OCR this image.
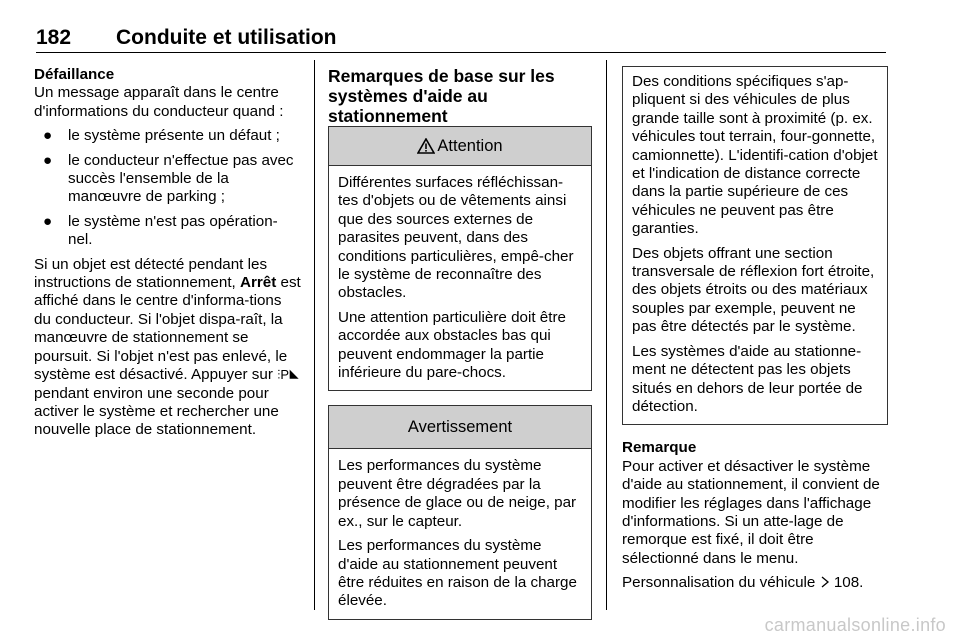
182 Conduite et utilisation

Défaillance

Un message apparaît dans le centre d'informations du conducteur quand :

● le système présente un défaut ;
● le conducteur n'effectue pas avec succès l'ensemble de la manœuvre de parking ;
● le système n'est pas opération-nel.

Si un objet est détecté pendant les instructions de stationnement, Arrêt est affiché dans le centre d'informa-tions du conducteur. Si l'objet dispa-raît, la manœuvre de stationnement se poursuit. Si l'objet n'est pas enlevé, le système est désactivé. Appuyer sur ⫶P◣ pendant environ une seconde pour activer le système et rechercher une nouvelle place de stationnement.

Remarques de base sur les systèmes d'aide au stationnement

Attention

Différentes surfaces réfléchissan-tes d'objets ou de vêtements ainsi que des sources externes de parasites peuvent, dans des conditions particulières, empê-cher le système de reconnaître des obstacles.

Une attention particulière doit être accordée aux obstacles bas qui peuvent endommager la partie inférieure du pare-chocs.

Avertissement

Les performances du système peuvent être dégradées par la présence de glace ou de neige, par ex., sur le capteur.

Les performances du système d'aide au stationnement peuvent être réduites en raison de la charge élevée.

Des conditions spécifiques s'ap-pliquent si des véhicules de plus grande taille sont à proximité (p. ex. véhicules tout terrain, four-gonnette, camionnette). L'identifi-cation d'objet et l'indication de distance correcte dans la partie supérieure de ces véhicules ne peuvent pas être garanties.

Des objets offrant une section transversale de réflexion fort étroite, des objets étroits ou des matériaux souples par exemple, peuvent ne pas être détectés par le système.

Les systèmes d'aide au stationne-ment ne détectent pas les objets situés en dehors de leur portée de détection.

Remarque

Pour activer et désactiver le système d'aide au stationnement, il convient de modifier les réglages dans l'affichage d'informations. Si un atte-lage de remorque est fixé, il doit être sélectionné dans le menu.

Personnalisation du véhicule 108.

carmanualsonline.info
